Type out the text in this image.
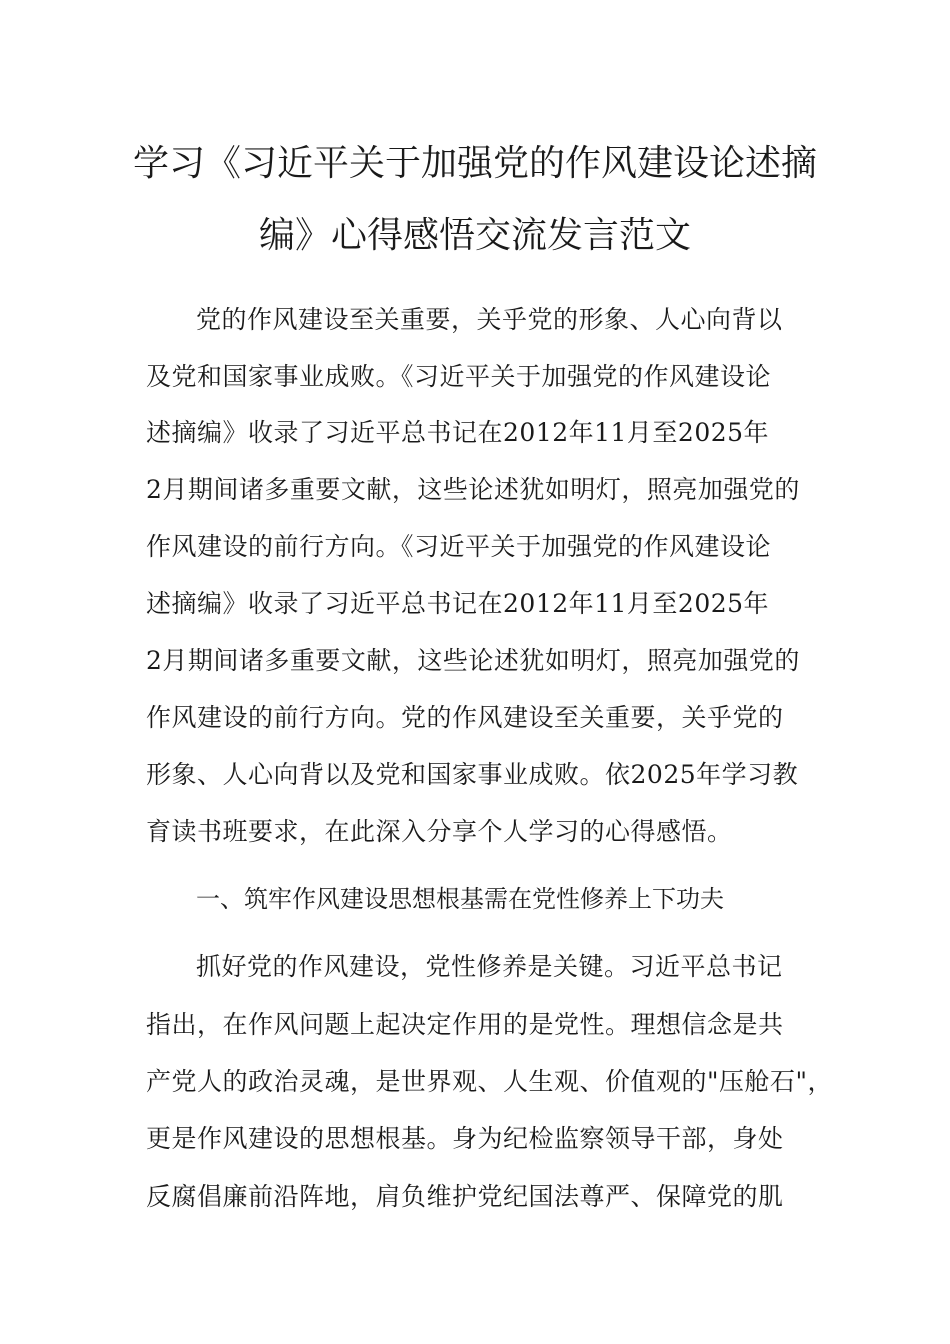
学习《习近平关于加强党的作风建设论述摘
编》心得感悟交流发言范文
党的作风建设至关重要，关乎党的形象、人心向背以
及党和国家事业成败。《习近平关于加强党的作风建设论
述摘编》收录了习近平总书记在2012年11月至2025年
2月期间诸多重要文献，这些论述犹如明灯，照亮加强党的
作风建设的前行方向。《习近平关于加强党的作风建设论
述摘编》收录了习近平总书记在2012年11月至2025年
2月期间诸多重要文献，这些论述犹如明灯，照亮加强党的
作风建设的前行方向。党的作风建设至关重要，关乎党的
形象、人心向背以及党和国家事业成败。依2025年学习教
育读书班要求，在此深入分享个人学习的心得感悟。
一、筑牢作风建设思想根基需在党性修养上下功夫
抓好党的作风建设，党性修养是关键。习近平总书记
指出，在作风问题上起决定作用的是党性。理想信念是共
产党人的政治灵魂，是世界观、人生观、价值观的"压舱石"，
更是作风建设的思想根基。身为纪检监察领导干部，身处
反腐倡廉前沿阵地，肩负维护党纪国法尊严、保障党的肌
